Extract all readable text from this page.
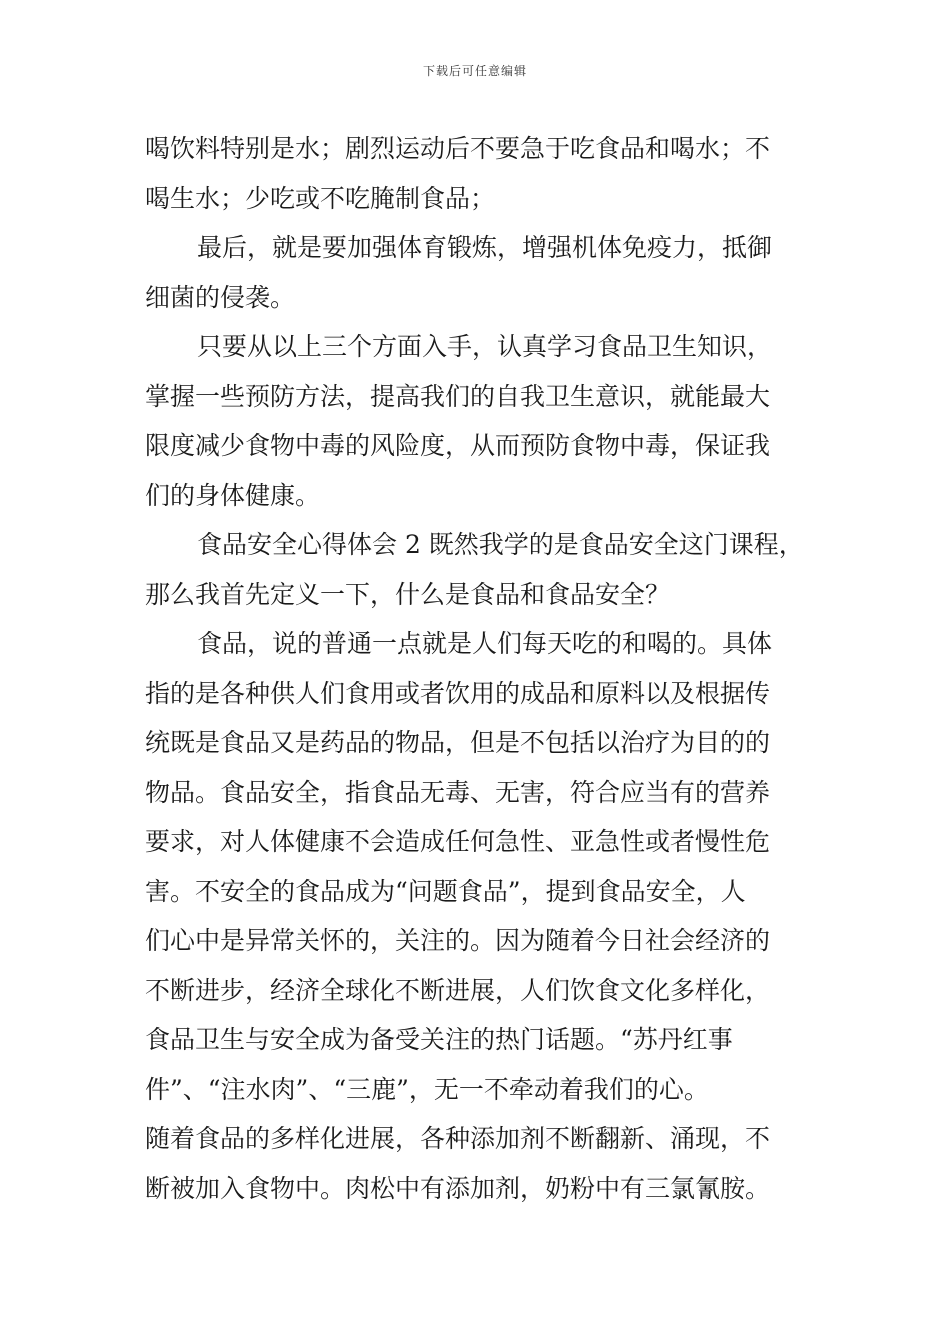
下载后可任意编辑
喝饮料特别是水；剧烈运动后不要急于吃食品和喝水；不
喝生水；少吃或不吃腌制食品；
最后，就是要加强体育锻炼，增强机体免疫力，抵御
细菌的侵袭。
只要从以上三个方面入手，认真学习食品卫生知识，
掌握一些预防方法，提高我们的自我卫生意识，就能最大
限度减少食物中毒的风险度，从而预防食物中毒，保证我
们的身体健康。
食品安全心得体会 2 既然我学的是食品安全这门课程，
那么我首先定义一下，什么是食品和食品安全？
食品，说的普通一点就是人们每天吃的和喝的。具体
指的是各种供人们食用或者饮用的成品和原料以及根据传
统既是食品又是药品的物品，但是不包括以治疗为目的的
物品。食品安全，指食品无毒、无害，符合应当有的营养
要求，对人体健康不会造成任何急性、亚急性或者慢性危
害。不安全的食品成为“问题食品”，提到食品安全，人
们心中是异常关怀的，关注的。因为随着今日社会经济的
不断进步，经济全球化不断进展，人们饮食文化多样化，
食品卫生与安全成为备受关注的热门话题。“苏丹红事
件”、“注水肉”、“三鹿”，无一不牵动着我们的心。
随着食品的多样化进展，各种添加剂不断翻新、涌现，不
断被加入食物中。肉松中有添加剂，奶粉中有三氯氰胺。
